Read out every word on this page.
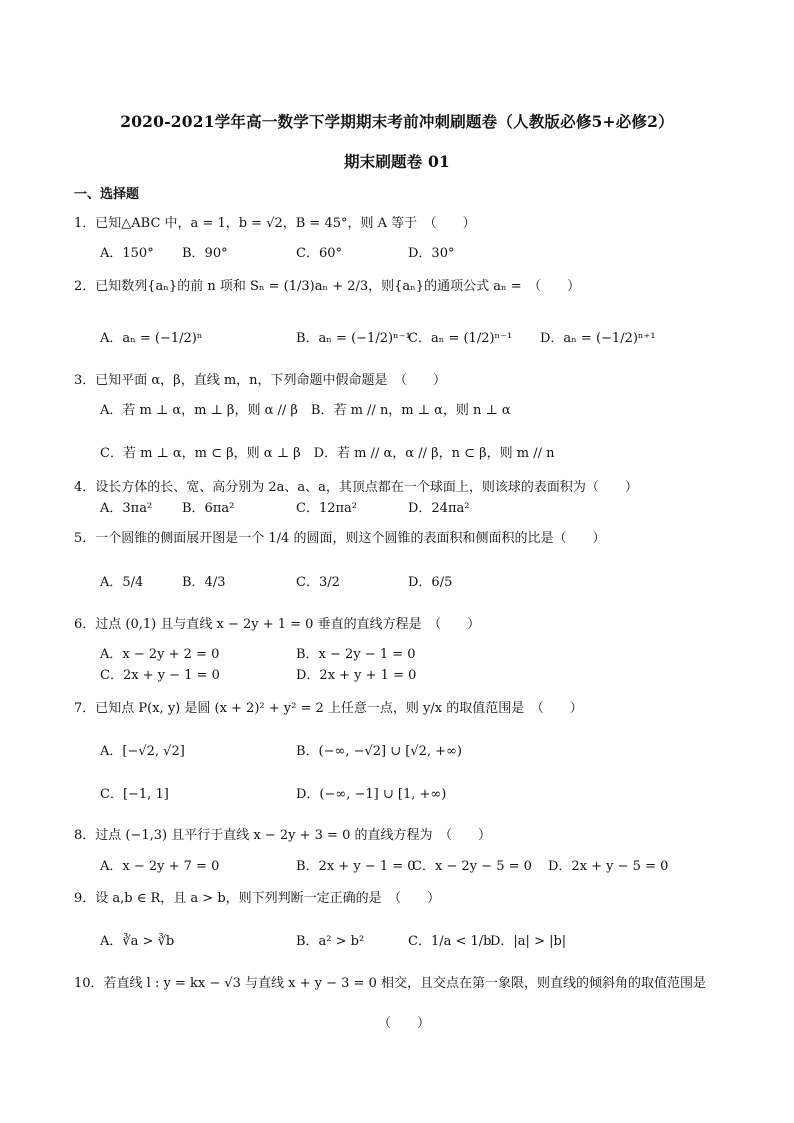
2020-2021学年高一数学下学期期末考前冲刺刷题卷（人教版必修5+必修2）
期末刷题卷 01
一、选择题
1．已知△ABC 中，a = 1，b = √2，B = 45°，则 A 等于　（　　）
A．150° B．90°	C．60°	D．30°
2．已知数列{aₙ}的前 n 项和 Sₙ = (1/3)aₙ + 2/3，则{aₙ}的通项公式 aₙ =　（　　）
A．aₙ = (−1/2)ⁿ	B．aₙ = (−1/2)ⁿ⁻¹
C．aₙ = (1/2)ⁿ⁻¹ D．aₙ = (−1/2)ⁿ⁺¹
3．已知平面 α，β，直线 m，n，下列命题中假命题是　（　　）
A．若 m ⊥ α，m ⊥ β，则 α // β　B．若 m // n，m ⊥ α，则 n ⊥ α
C．若 m ⊥ α，m ⊂ β，则 α ⊥ β　D．若 m // α，α // β，n ⊂ β，则 m // n
4．设长方体的长、宽、高分别为 2a、a、a，其顶点都在一个球面上，则该球的表面积为（　　）
A．3πa² B．6πa²	C．12πa²	D．24πa²
5．一个圆锥的侧面展开图是一个 1/4 的圆面，则这个圆锥的表面积和侧面积的比是（　　）
A．5/4	B．4/3	C．3/2	D．6/5
6．过点 (0,1) 且与直线 x − 2y + 1 = 0 垂直的直线方程是　（　　）
A．x − 2y + 2 = 0	B．x − 2y − 1 = 0
C．2x + y − 1 = 0	D．2x + y + 1 = 0
7．已知点 P(x, y) 是圆 (x + 2)² + y² = 2 上任意一点，则 y/x 的取值范围是　（　　）
A．[−√2, √2]	B．(−∞, −√2] ∪ [√2, +∞)
C．[−1, 1]	D．(−∞, −1] ∪ [1, +∞)
8．过点 (−1,3) 且平行于直线 x − 2y + 3 = 0 的直线方程为　（　　）
A．x − 2y + 7 = 0	B．2x + y − 1 = 0
C．x − 2y − 5 = 0 D．2x + y − 5 = 0
9．设 a,b ∈ R，且 a > b，则下列判断一定正确的是　（　　）
A．∛a > ∛b	B．a² > b²	C．1/a < 1/b
D．|a| > |b|
10．若直线 l : y = kx − √3 与直线 x + y − 3 = 0 相交，且交点在第一象限，则直线的倾斜角的取值范围是
（　　）
